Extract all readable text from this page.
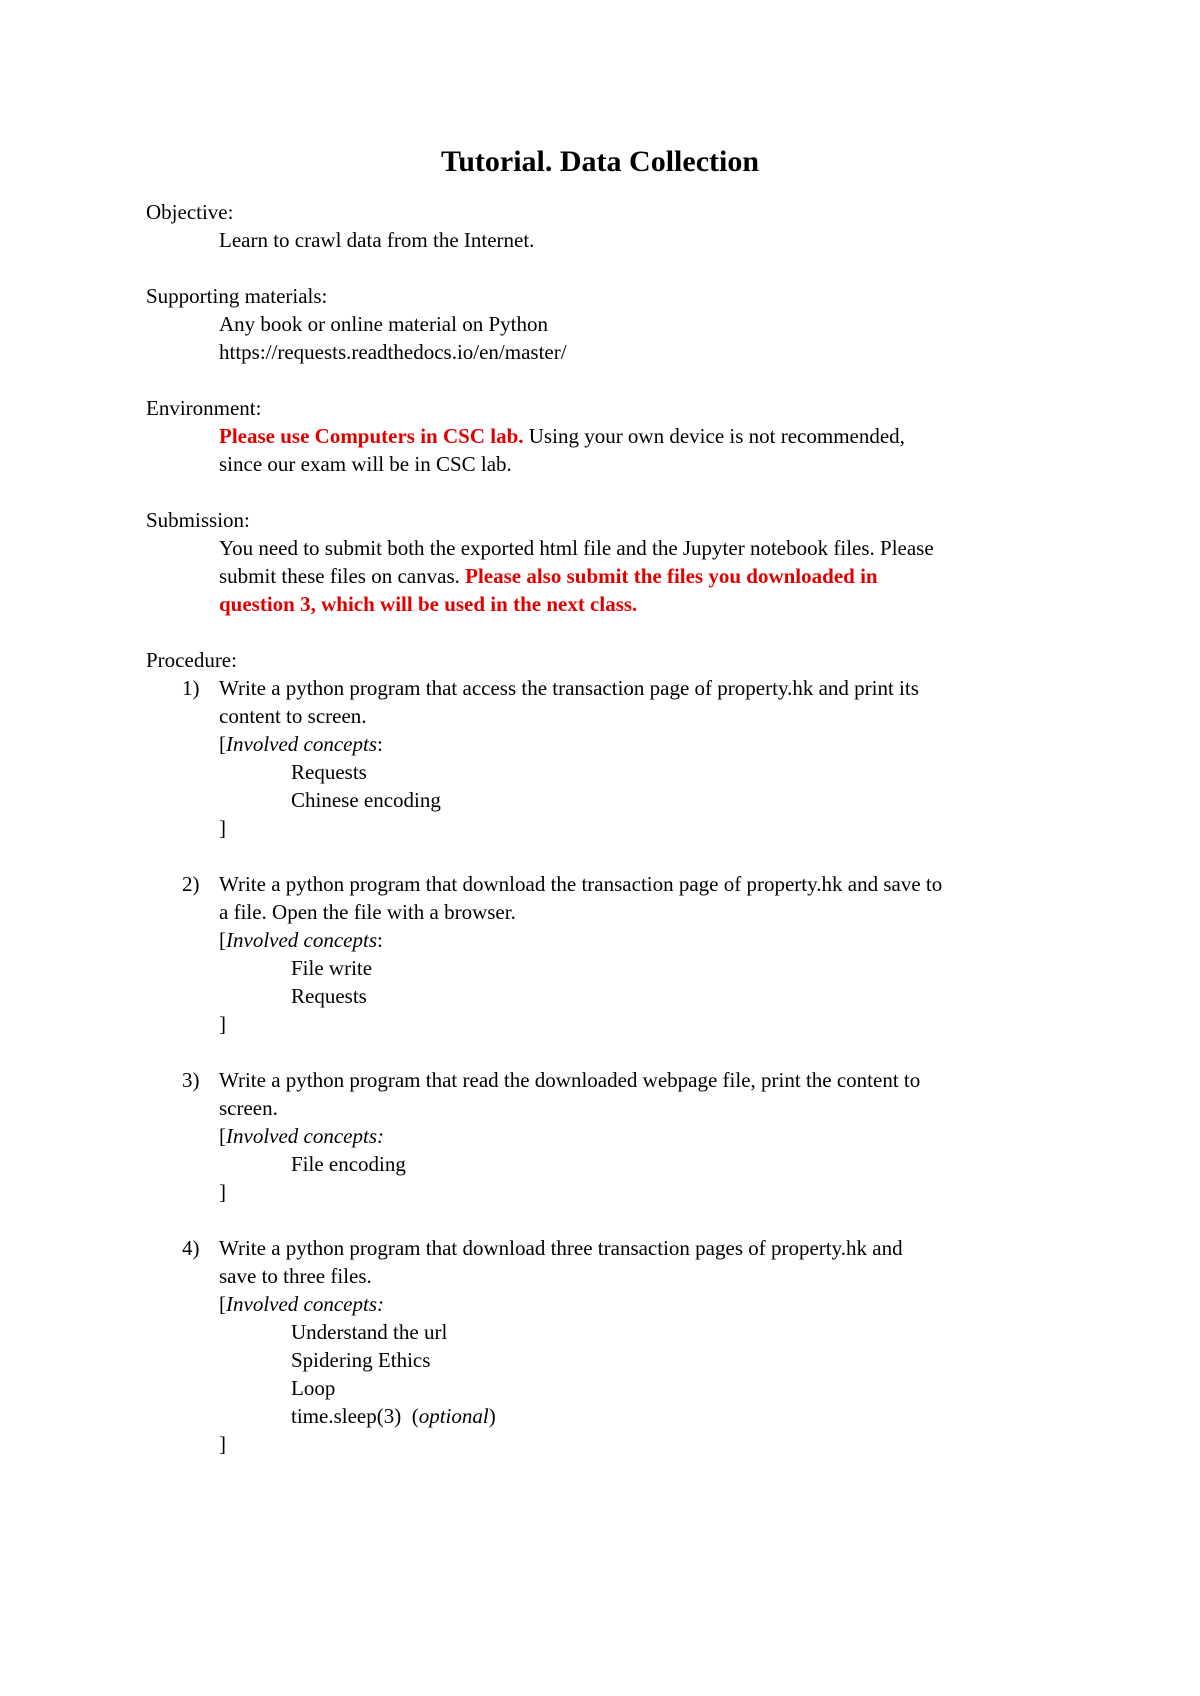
Tutorial. Data Collection
Objective:
Learn to crawl data from the Internet.
Supporting materials:
Any book or online material on Python
https://requests.readthedocs.io/en/master/
Environment:
Please use Computers in CSC lab. Using your own device is not recommended,
since our exam will be in CSC lab.
Submission:
You need to submit both the exported html file and the Jupyter notebook files. Please
submit these files on canvas. Please also submit the files you downloaded in
question 3, which will be used in the next class.
Procedure:
1) Write a python program that access the transaction page of property.hk and print its
content to screen.
[Involved concepts:
Requests
Chinese encoding
]
2) Write a python program that download the transaction page of property.hk and save to
a file. Open the file with a browser.
[Involved concepts:
File write
Requests
]
3) Write a python program that read the downloaded webpage file, print the content to
screen.
[Involved concepts:
File encoding
]
4) Write a python program that download three transaction pages of property.hk and
save to three files.
[Involved concepts:
Understand the url
Spidering Ethics
Loop
time.sleep(3)  (optional)
]
